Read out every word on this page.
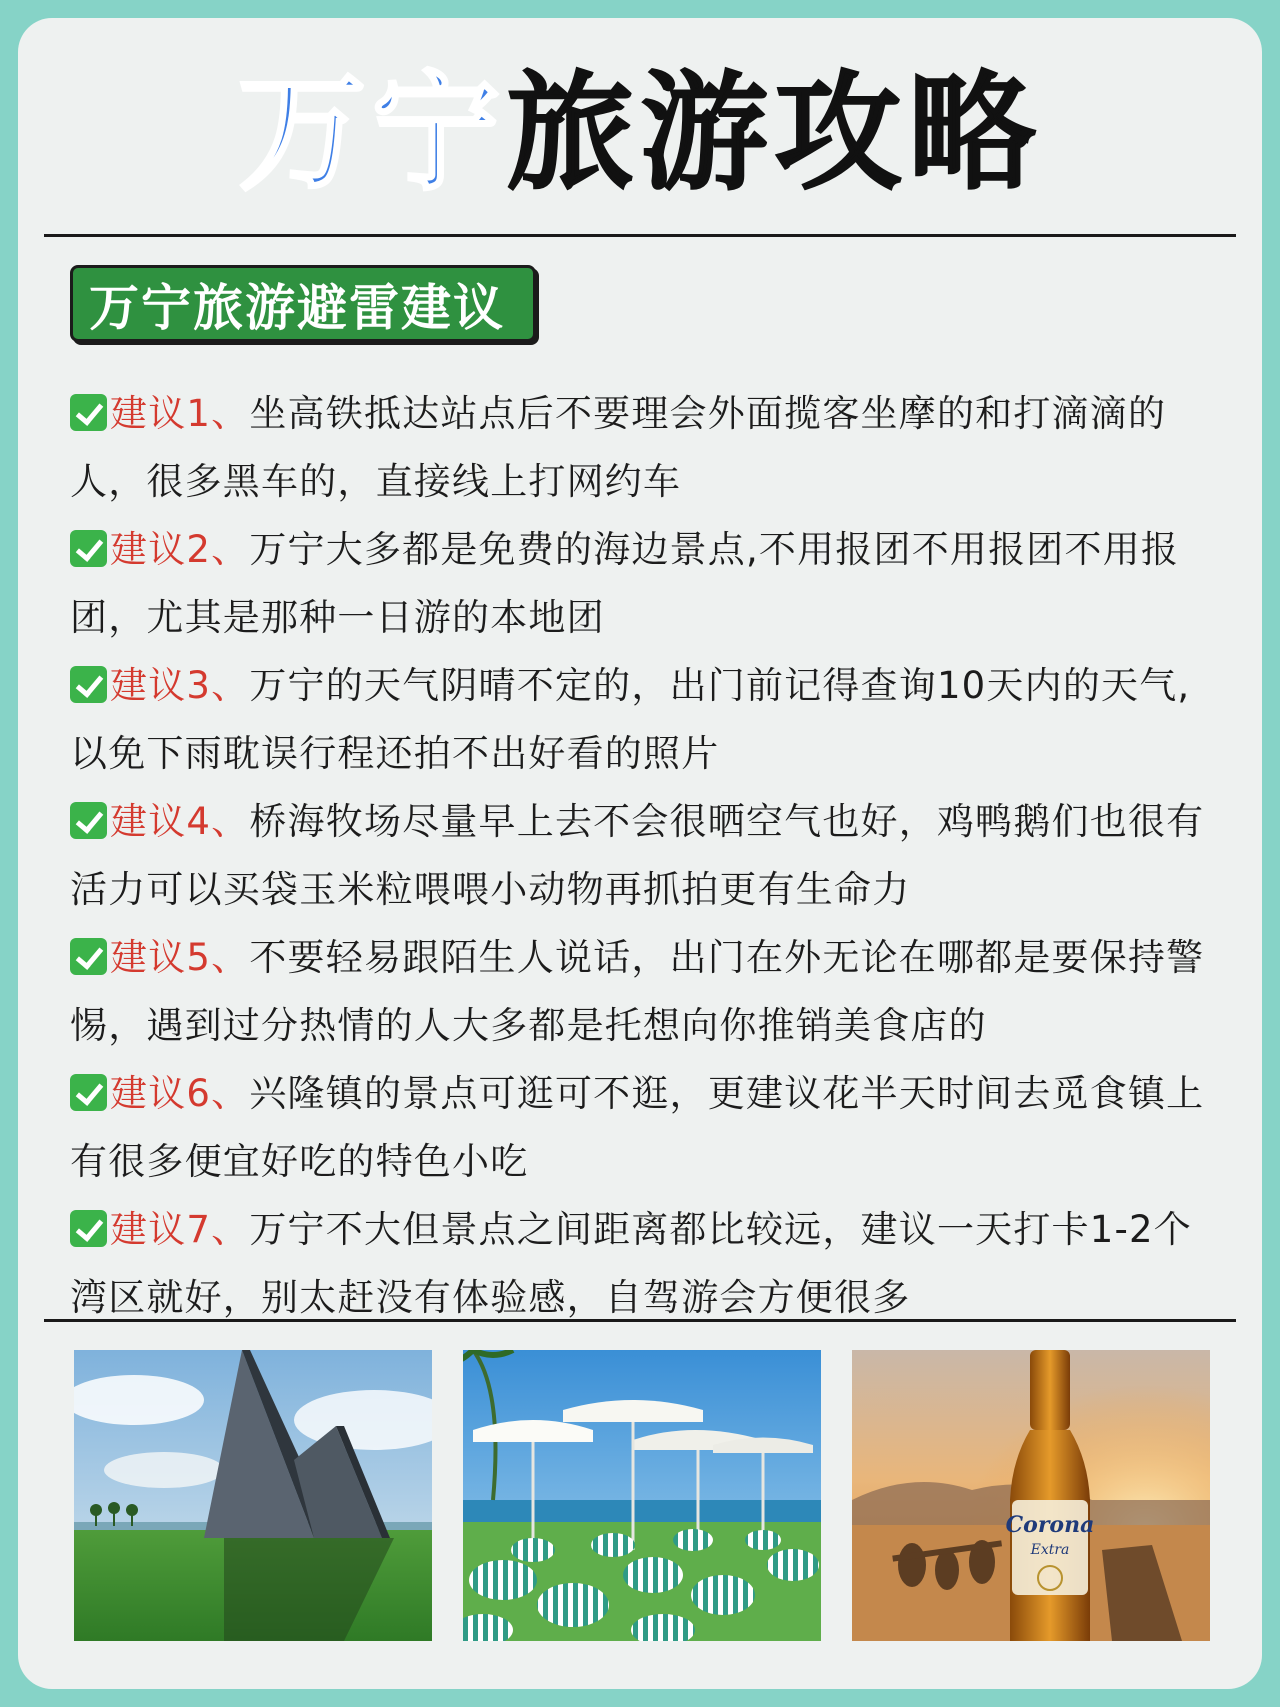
万宁旅游攻略
万宁旅游避雷建议
建议1、坐高铁抵达站点后不要理会外面揽客坐摩的和打滴滴的人，很多黑车的，直接线上打网约车
建议2、万宁大多都是免费的海边景点,不用报团不用报团不用报团，尤其是那种一日游的本地团
建议3、万宁的天气阴晴不定的，出门前记得查询10天内的天气,以免下雨耽误行程还拍不出好看的照片
建议4、桥海牧场尽量早上去不会很晒空气也好，鸡鸭鹅们也很有活力可以买袋玉米粒喂喂小动物再抓拍更有生命力
建议5、不要轻易跟陌生人说话，出门在外无论在哪都是要保持警惕，遇到过分热情的人大多都是托想向你推销美食店的
建议6、兴隆镇的景点可逛可不逛，更建议花半天时间去觅食镇上有很多便宜好吃的特色小吃
建议7、万宁不大但景点之间距离都比较远，建议一天打卡1-2个湾区就好，别太赶没有体验感，自驾游会方便很多
Corona
Extra
